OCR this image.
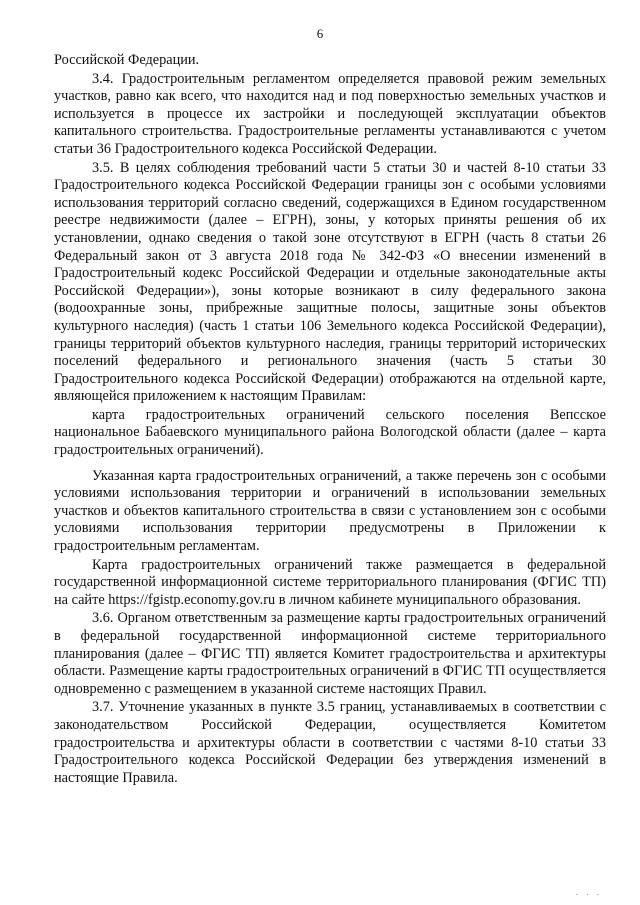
6

Российской Федерации.

3.4. Градостроительным регламентом определяется правовой режим земельных участков, равно как всего, что находится над и под поверхностью земельных участков и используется в процессе их застройки и последующей эксплуатации объектов капитального строительства. Градостроительные регламенты устанавливаются с учетом статьи 36 Градостроительного кодекса Российской Федерации.

3.5. В целях соблюдения требований части 5 статьи 30 и частей 8-10 статьи 33 Градостроительного кодекса Российской Федерации границы зон с особыми условиями использования территорий согласно сведений, содержащихся в Едином государственном реестре недвижимости (далее – ЕГРН), зоны, у которых приняты решения об их установлении, однако сведения о такой зоне отсутствуют в ЕГРН (часть 8 статьи 26 Федеральный закон от 3 августа 2018 года № 342-ФЗ «О внесении изменений в Градостроительный кодекс Российской Федерации и отдельные законодательные акты Российской Федерации»), зоны которые возникают в силу федерального закона (водоохранные зоны, прибрежные защитные полосы, защитные зоны объектов культурного наследия) (часть 1 статьи 106 Земельного кодекса Российской Федерации), границы территорий объектов культурного наследия, границы территорий исторических поселений федерального и регионального значения (часть 5 статьи 30 Градостроительного кодекса Российской Федерации) отображаются на отдельной карте, являющейся приложением к настоящим Правилам:

карта градостроительных ограничений сельского поселения Вепсское национальное Бабаевского муниципального района Вологодской области (далее – карта градостроительных ограничений).

Указанная карта градостроительных ограничений, а также перечень зон с особыми условиями использования территории и ограничений в использовании земельных участков и объектов капитального строительства в связи с установлением зон с особыми условиями использования территории предусмотрены в Приложении к градостроительным регламентам.

Карта градостроительных ограничений также размещается в федеральной государственной информационной системе территориального планирования (ФГИС ТП) на сайте https://fgistp.economy.gov.ru в личном кабинете муниципального образования.

3.6. Органом ответственным за размещение карты градостроительных ограничений в федеральной государственной информационной системе территориального планирования (далее – ФГИС ТП) является Комитет градостроительства и архитектуры области. Размещение карты градостроительных ограничений в ФГИС ТП осуществляется одновременно с размещением в указанной системе настоящих Правил.

3.7. Уточнение указанных в пункте 3.5 границ, устанавливаемых в соответствии с законодательством Российской Федерации, осуществляется Комитетом градостроительства и архитектуры области в соответствии с частями 8-10 статьи 33 Градостроительного кодекса Российской Федерации без утверждения изменений в настоящие Правила.

. . .
